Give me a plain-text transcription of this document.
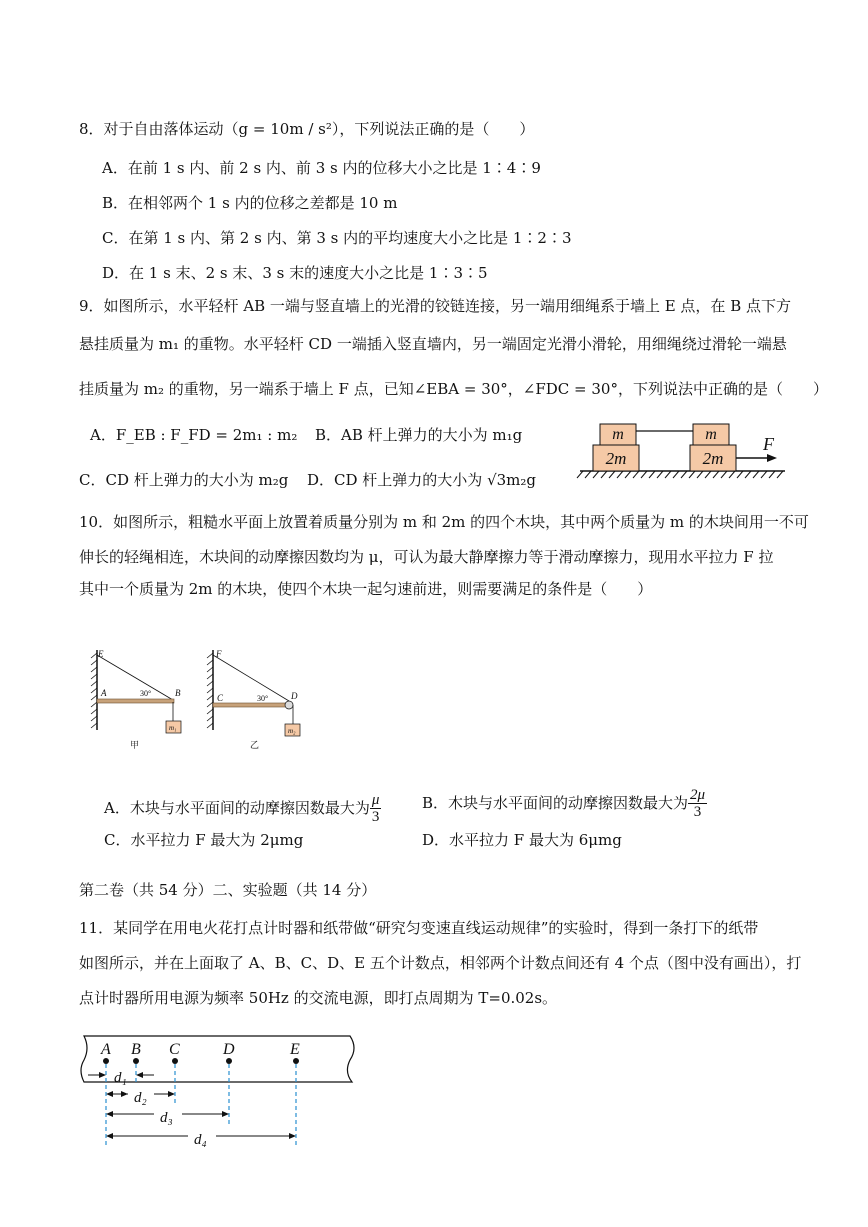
8．对于自由落体运动（g = 10m / s²），下列说法正确的是（　　）
A．在前 1 s 内、前 2 s 内、前 3 s 内的位移大小之比是 1∶4∶9
B．在相邻两个 1 s 内的位移之差都是 10 m
C．在第 1 s 内、第 2 s 内、第 3 s 内的平均速度大小之比是 1∶2∶3
D．在 1 s 末、2 s 末、3 s 末的速度大小之比是 1∶3∶5
9．如图所示，水平轻杆 AB 一端与竖直墙上的光滑的铰链连接，另一端用细绳系于墙上 E 点，在 B 点下方
悬挂质量为 m₁ 的重物。水平轻杆 CD 一端插入竖直墙内，另一端固定光滑小滑轮，用细绳绕过滑轮一端悬
挂质量为 m₂ 的重物，另一端系于墙上 F 点，已知∠EBA = 30°，∠FDC = 30°，下列说法中正确的是（　　）
A．F_EB : F_FD = 2m₁ : m₂ B．AB 杆上弹力的大小为 m₁g
C．CD 杆上弹力的大小为 m₂g D．CD 杆上弹力的大小为 √3m₂g
m	m
2m	2m
F
10．如图所示，粗糙水平面上放置着质量分别为 m 和 2m 的四个木块，其中两个质量为 m 的木块间用一不可
伸长的轻绳相连，木块间的动摩擦因数均为 μ，可认为最大静摩擦力等于滑动摩擦力，现用水平拉力 F 拉
其中一个质量为 2m 的木块，使四个木块一起匀速前进，则需要满足的条件是（　　）
E
A	B
30°
m₁
甲
F
C	D
30°
m₂
乙
A．木块与水平面间的动摩擦因数最大为 $\frac{\mu}{3}$	B．木块与水平面间的动摩擦因数最大为 $\frac{2\mu}{3}$
C．水平拉力 F 最大为 2μmg	D．水平拉力 F 最大为 6μmg
第二卷（共 54 分）二、实验题（共 14 分）
11．某同学在用电火花打点计时器和纸带做“研究匀变速直线运动规律”的实验时，得到一条打下的纸带
如图所示，并在上面取了 A、B、C、D、E 五个计数点，相邻两个计数点间还有 4 个点（图中没有画出），打
点计时器所用电源为频率 50Hz 的交流电源，即打点周期为 T=0.02s。
A B C	D	E
d₁
d₂
d₃
d₄
